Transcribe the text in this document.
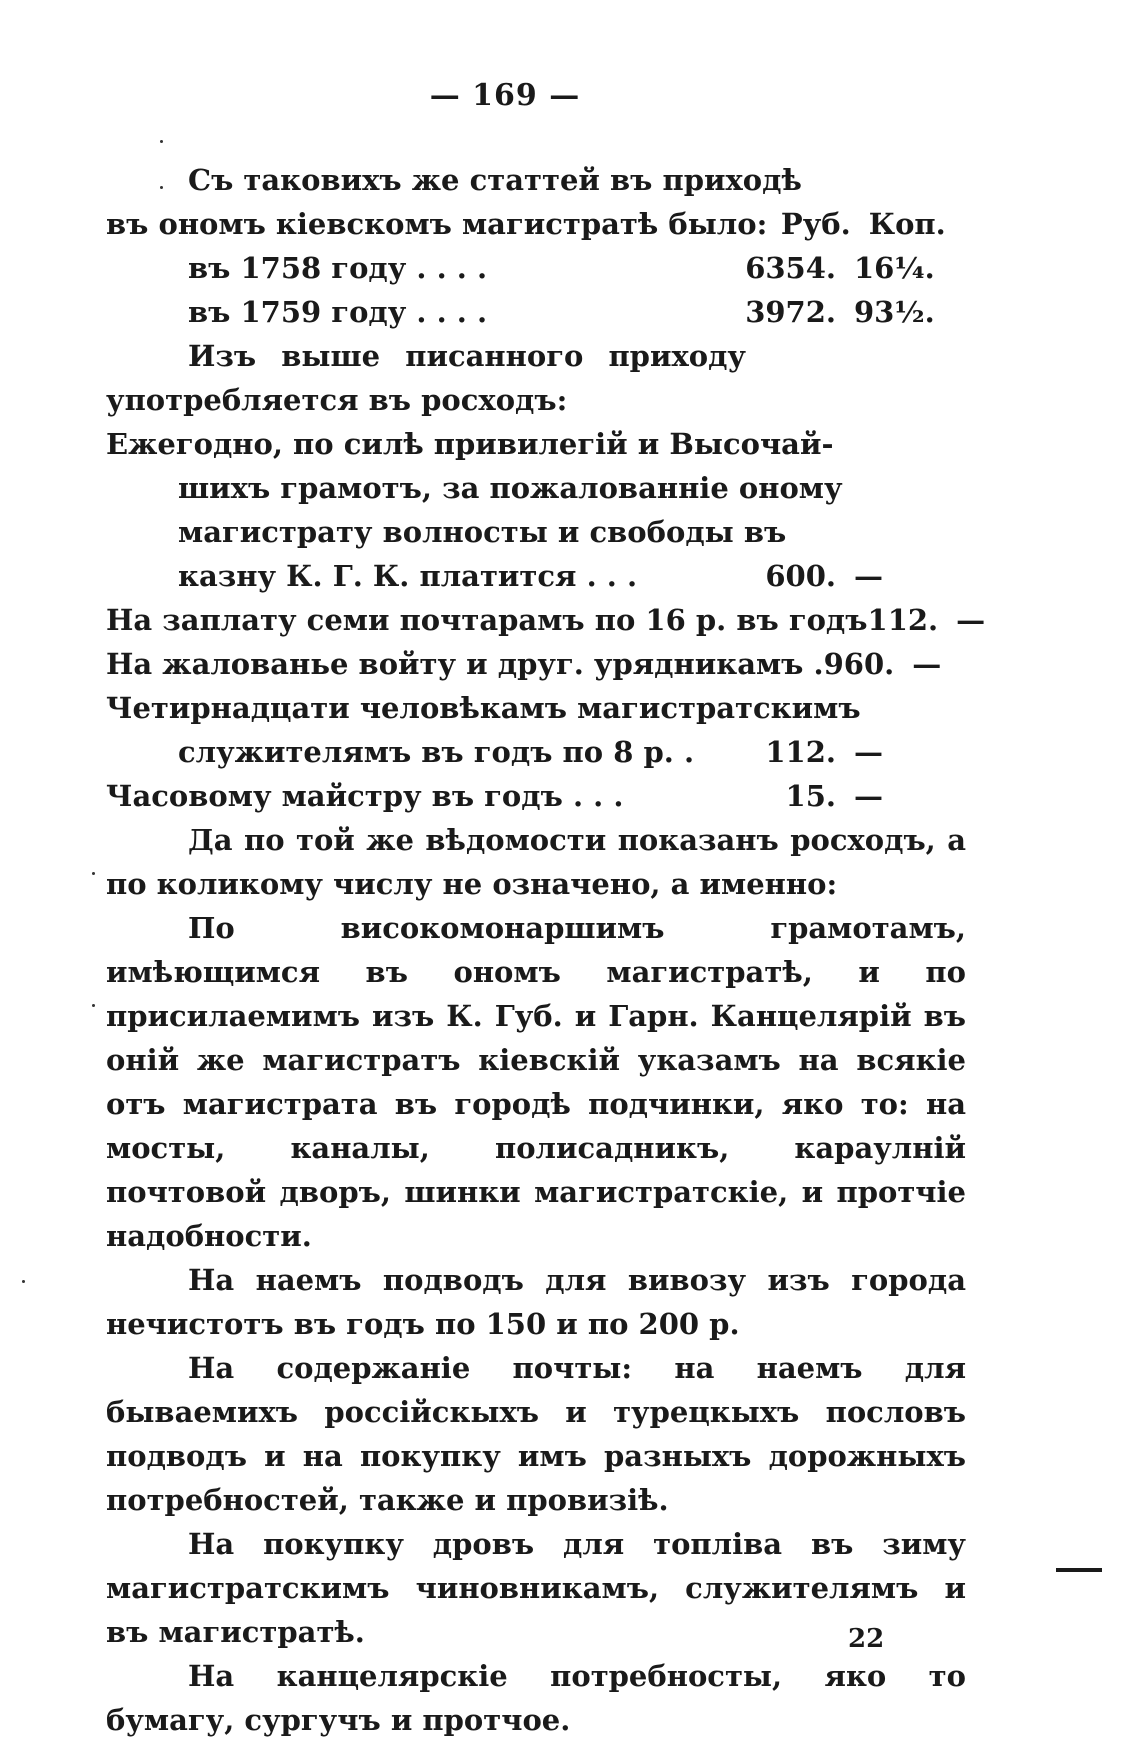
— 169 —

Съ таковихъ же статтей въ приходѣ

въ ономъ кіевскомъ магистратѣ было: Руб. Коп.
въ 1758 году . . . .	6354. 16¼.
въ 1759 году . . . .	3972. 93½.

Изъ выше писанного приходу употребляется въ росходъ:

Ежегодно, по силѣ привилегій и Высочай-
шихъ грамотъ, за пожалованніе оному
магистрату волносты и свободы въ
казну К. Г. К. платится . . .	600. —
На заплату семи почтарамъ по 16 р. въ годъ 112. —
На жалованье войту и друг. урядникамъ . 960. —
Четирнадцати человѣкамъ магистратскимъ
служителямъ въ годъ по 8 р. .	112. —
Часовому майстру въ годъ . . .	15. —

Да по той же вѣдомости показанъ росходъ, а по коликому числу не означено, а именно:

По високомонаршимъ грамотамъ, имѣющимся въ ономъ магистратѣ, и по присилаемимъ изъ К. Губ. и Гарн. Канцелярій въ оній же магистратъ кіевскій указамъ на всякіе отъ магистрата въ городѣ подчинки, яко то: на мосты, каналы, полисадникъ, караулній почтовой дворъ, шинки магистратскіе, и протчіе надобности.

На наемъ подводъ для вивозу изъ города нечистотъ въ годъ по 150 и по 200 р.

На содержаніе почты: на наемъ для бываемихъ россійскыхъ и турецкыхъ пословъ подводъ и на покупку имъ разныхъ дорожныхъ потребностей, также и провизіѣ.

На покупку дровъ для топліва въ зиму магистратскимъ чиновникамъ, служителямъ и въ магистратѣ.

На канцелярскіе потребносты, яко то бумагу, сургучъ и протчое.

22
